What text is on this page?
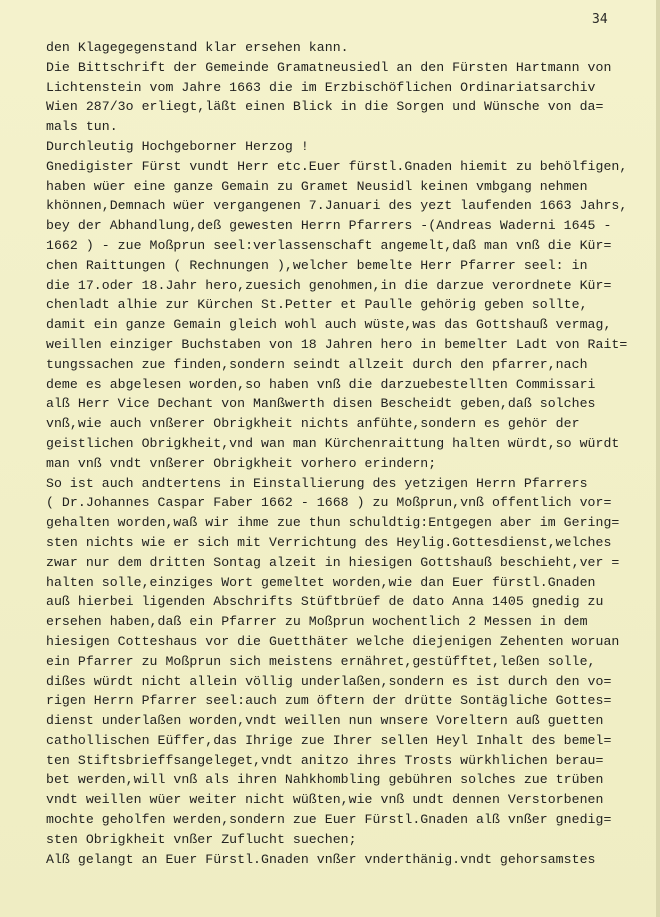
34
den Klagegegenstand klar ersehen kann.
Die Bittschrift der Gemeinde Gramatneusiedl an den Fürsten Hartmann von
Lichtenstein vom Jahre 1663 die im Erzbischöflichen Ordinariatsarchiv
Wien 287/3o erliegt,läßt einen Blick in die Sorgen und Wünsche von da=
mals tun.
Durchleutig Hochgeborner Herzog !
Gnedigister Fürst vundt Herr etc.Euer fürstl.Gnaden hiemit zu behölfigen,
haben wüer eine ganze Gemain zu Gramet Neusidl keinen vmbgang nehmen
khönnen,Demnach wüer vergangenen 7.Januari des yezt laufenden 1663 Jahrs,
bey der Abhandlung,deß gewesten Herrn Pfarrers -(Andreas Waderni 1645 -
1662 ) - zue Moßprun seel:verlassenschaft angemelt,daß man vnß die Kür=
chen Raittungen ( Rechnungen ),welcher bemelte Herr Pfarrer seel: in
die 17.oder 18.Jahr hero,zuesich genohmen,in die darzue verordnete Kür=
chenladt alhie zur Kürchen St.Petter et Paulle gehörig geben sollte,
damit ein ganze Gemain gleich wohl auch wüste,was das Gottshauß vermag,
weillen einziger Buchstaben von 18 Jahren hero in bemelter Ladt von Rait=
tungssachen zue finden,sondern seindt allzeit durch den pfarrer,nach
deme es abgelesen worden,so haben vnß die darzuebestellten Commissari
alß Herr Vice Dechant von Manßwerth disen Bescheidt geben,daß solches
vnß,wie auch vnßerer Obrigkheit nichts anfühte,sondern es gehör der
geistlichen Obrigkheit,vnd wan man Kürchenraittung halten würdt,so würdt
man vnß vndt vnßerer Obrigkheit vorhero erindern;
So ist auch andtertens in Einstallierung des yetzigen Herrn Pfarrers
( Dr.Johannes Caspar Faber 1662 - 1668 ) zu Moßprun,vnß offentlich vor=
gehalten worden,waß wir ihme zue thun schuldtig:Entgegen aber im Gering=
sten nichts wie er sich mit Verrichtung des Heylig.Gottesdienst,welches
zwar nur dem dritten Sontag alzeit in hiesigen Gottshauß beschieht,ver =
halten solle,einziges Wort gemeltet worden,wie dan Euer fürstl.Gnaden
auß hierbei ligenden Abschrifts Stüftbrüef de dato Anna 1405 gnedig zu
ersehen haben,daß ein Pfarrer zu Moßprun wochentlich 2 Messen in dem
hiesigen Cotteshaus vor die Guetthäter welche diejenigen Zehenten woruan
ein Pfarrer zu Moßprun sich meistens ernähret,gestüfftet,leßen solle,
dißes würdt nicht allein völlig underlaßen,sondern es ist durch den vo=
rigen Herrn Pfarrer seel:auch zum öftern der drütte Sontägliche Gottes=
dienst underlaßen worden,vndt weillen nun wnsere Voreltern auß guetten
cathollischen Eüffer,das Ihrige zue Ihrer sellen Heyl Inhalt des bemel=
ten Stiftsbrieffsangeleget,vndt anitzo ihres Trosts würkhlichen berau=
bet werden,will vnß als ihren Nahkhombling gebühren solches zue trüben
vndt weillen wüer weiter nicht wüßten,wie vnß undt dennen Verstorbenen
mochte geholfen werden,sondern zue Euer Fürstl.Gnaden alß vnßer gnedig=
sten Obrigkheit vnßer Zuflucht suechen;
Alß gelangt an Euer Fürstl.Gnaden vnßer vnderthänig.vndt gehorsamstes
